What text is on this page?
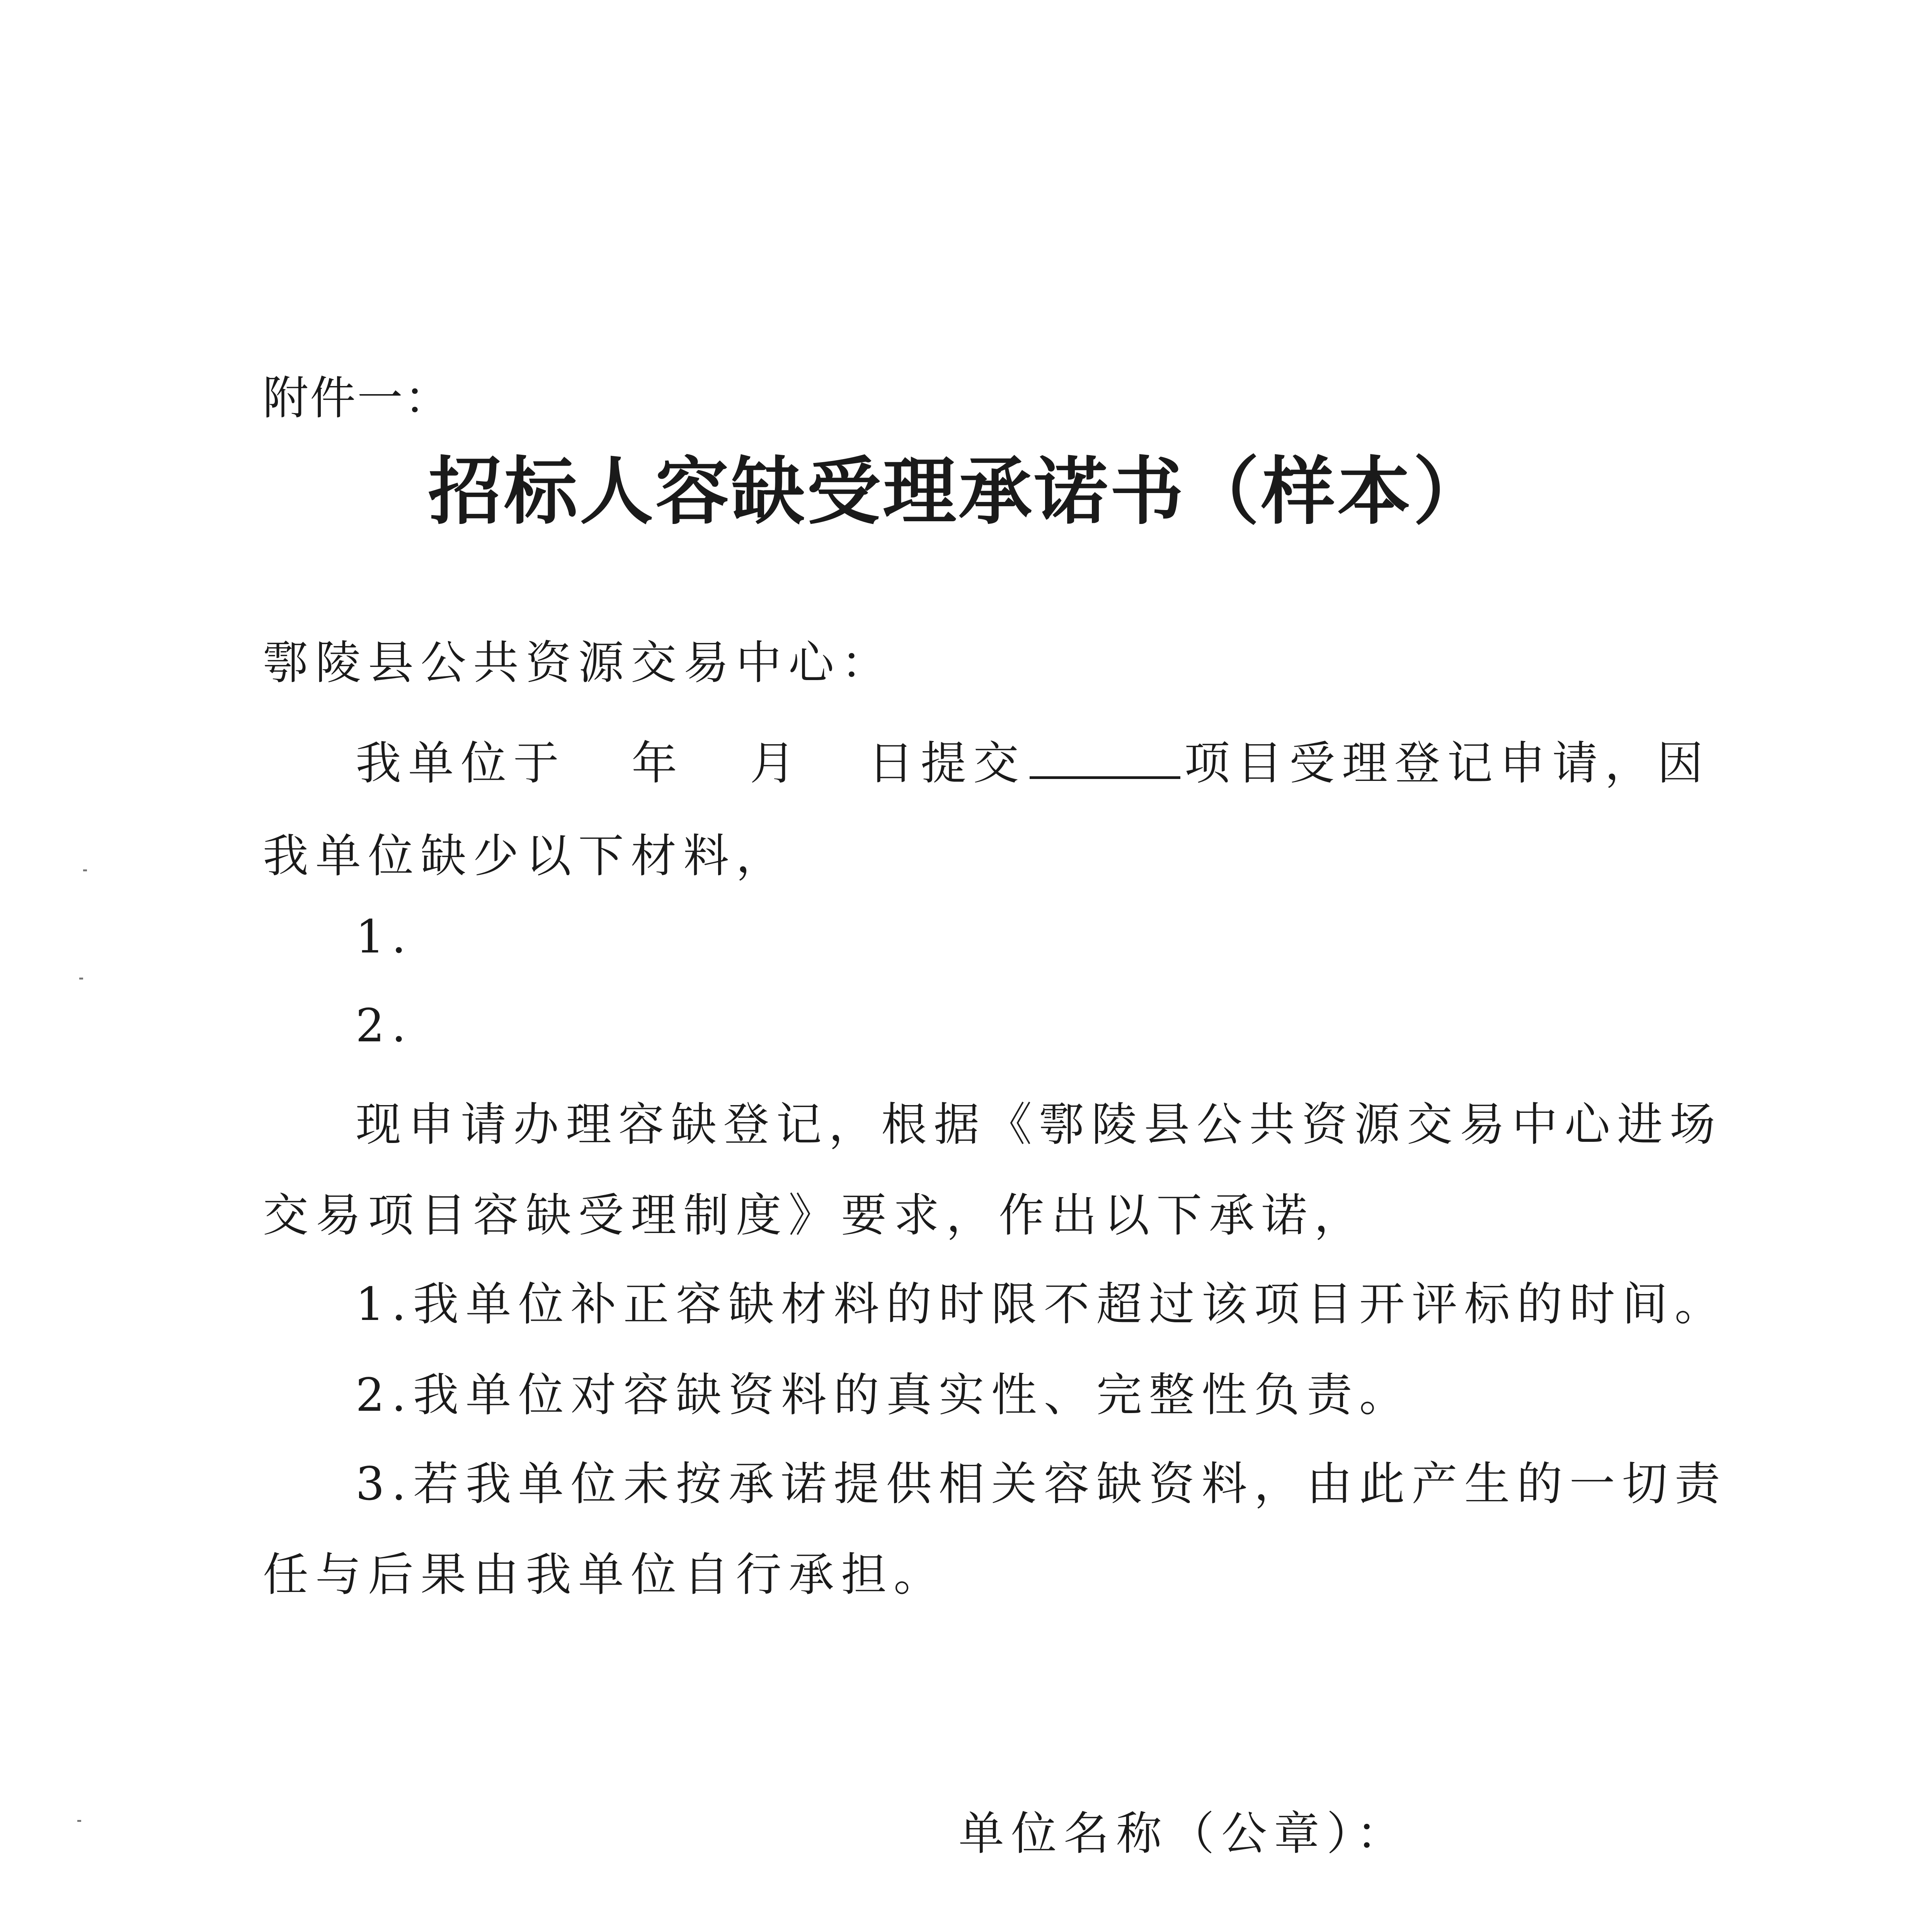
附件一：
招标人容缺受理承诺书（样本）
鄠陵县公共资源交易中心：
我单位于 年 月 日提交	项目受理登记申请，因
我单位缺少以下材料，
1.
2.
现申请办理容缺登记，根据《鄠陵县公共资源交易中心进场
交易项目容缺受理制度》要求，作出以下承诺，
1.我单位补正容缺材料的时限不超过该项目开评标的时间。
2.我单位对容缺资料的真实性、完整性负责。
3.若我单位未按承诺提供相关容缺资料，由此产生的一切责
任与后果由我单位自行承担。
单位名称（公章）：
